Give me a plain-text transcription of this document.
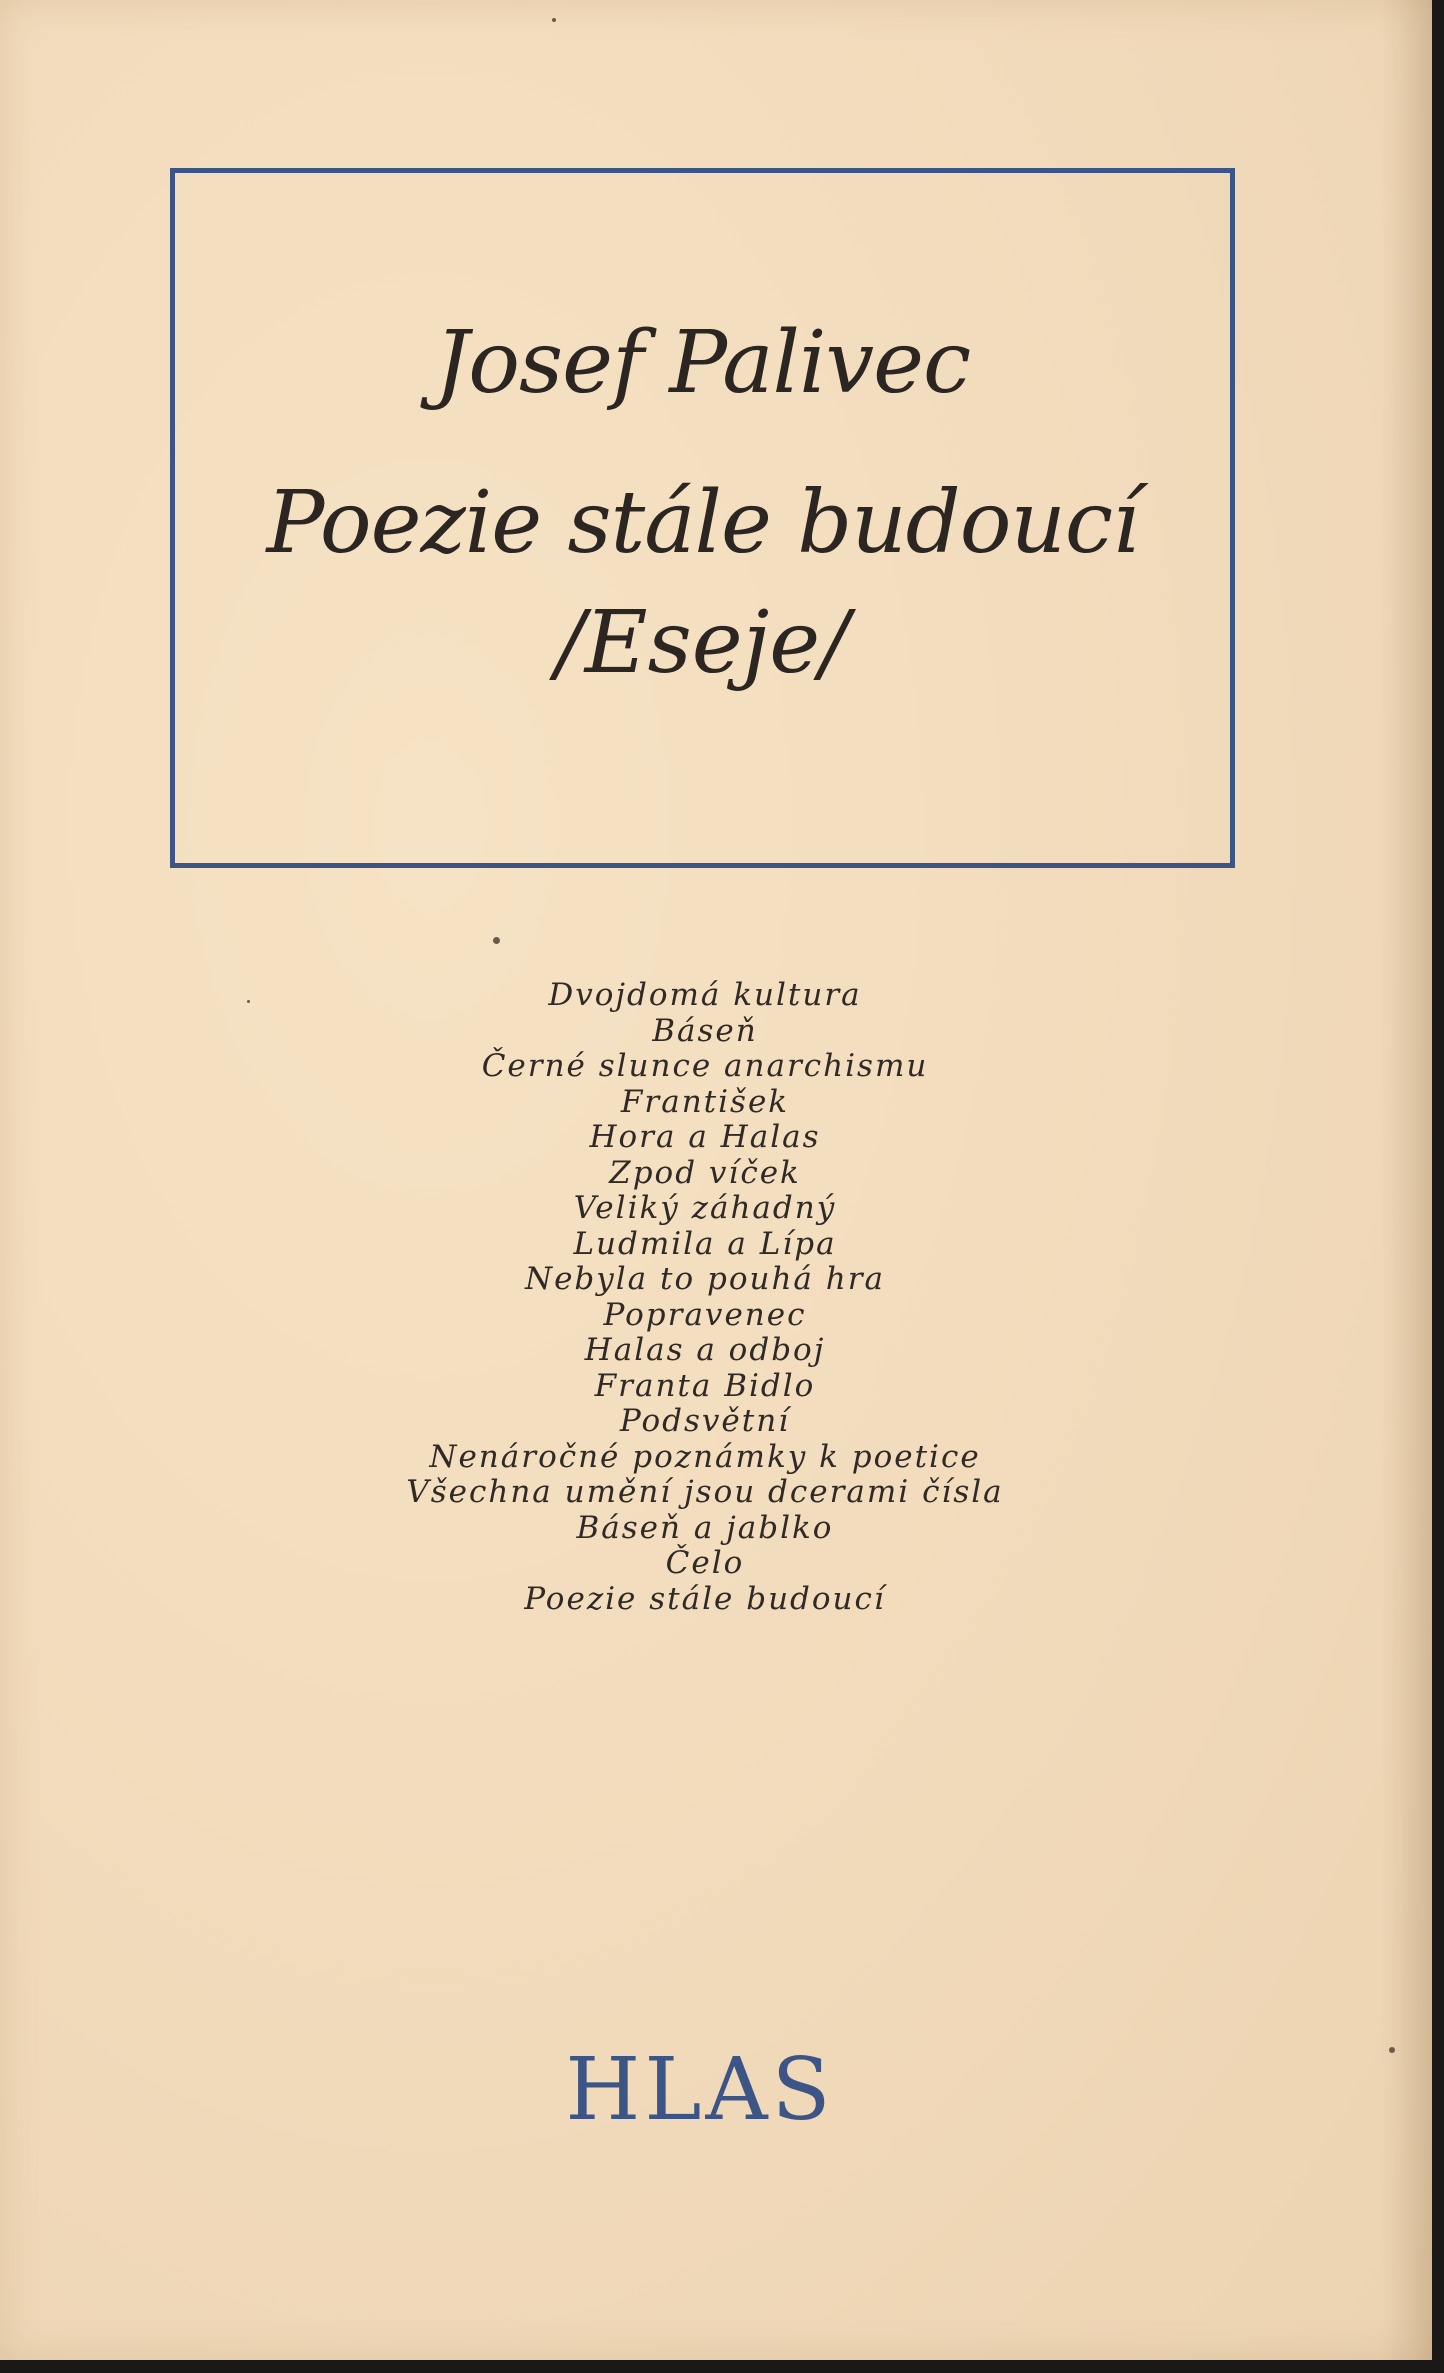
Josef Palivec
Poezie stále budoucí
/Eseje/
Dvojdomá kultura
Báseň
Černé slunce anarchismu
František
Hora a Halas
Zpod víček
Veliký záhadný
Ludmila a Lípa
Nebyla to pouhá hra
Popravenec
Halas a odboj
Franta Bidlo
Podsvětní
Nenáročné poznámky k poetice
Všechna umění jsou dcerami čísla
Báseň a jablko
Čelo
Poezie stále budoucí
HLAS
